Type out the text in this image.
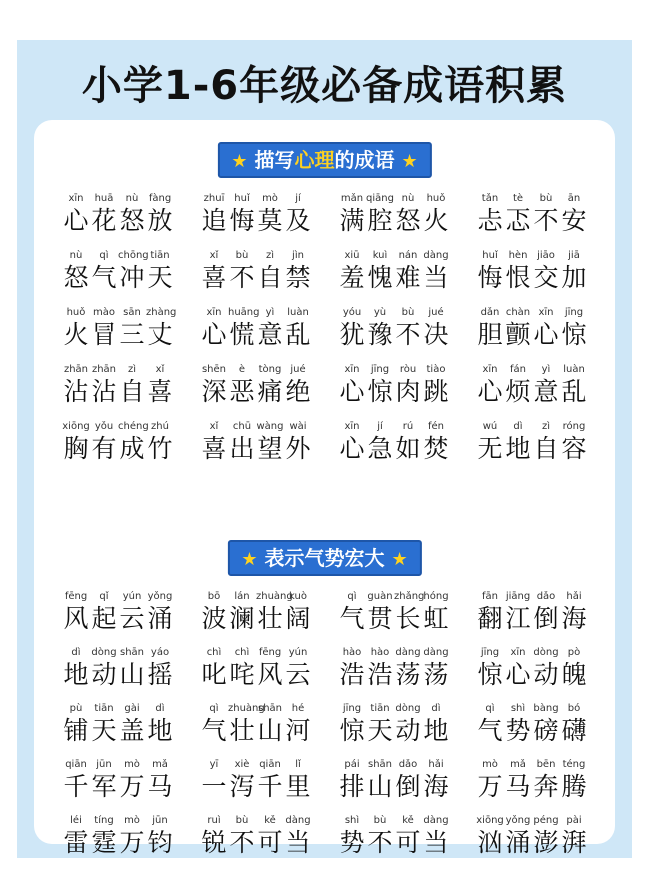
小学1-6年级必备成语积累
★ 描写心理的成语 ★
xīn
心
huā
花
nù
怒
fàng
放
zhuī
追
huǐ
悔
mò
莫
jí
及
mǎn
满
qiāng
腔
nù
怒
huǒ
火
tǎn
忐
tè
忑
bù
不
ān
安
nù
怒
qì
气
chōng
冲
tiān
天
xǐ
喜
bù
不
zì
自
jìn
禁
xiū
羞
kuì
愧
nán
难
dàng
当
huǐ
悔
hèn
恨
jiāo
交
jiā
加
huǒ
火
mào
冒
sān
三
zhàng
丈
xīn
心
huāng
慌
yì
意
luàn
乱
yóu
犹
yù
豫
bù
不
jué
决
dǎn
胆
chàn
颤
xīn
心
jīng
惊
zhān
沾
zhān
沾
zì
自
xǐ
喜
shēn
深
è
恶
tòng
痛
jué
绝
xīn
心
jīng
惊
ròu
肉
tiào
跳
xīn
心
fán
烦
yì
意
luàn
乱
xiōng
胸
yǒu
有
chéng
成
zhú
竹
xǐ
喜
chū
出
wàng
望
wài
外
xīn
心
jí
急
rú
如
fén
焚
wú
无
dì
地
zì
自
róng
容
★ 表示气势宏大 ★
fēng
风
qǐ
起
yún
云
yǒng
涌
bō
波
lán
澜
zhuàng
壮
kuò
阔
qì
气
guàn
贯
zhǎng
长
hóng
虹
fān
翻
jiāng
江
dǎo
倒
hǎi
海
dì
地
dòng
动
shān
山
yáo
摇
chì
叱
chì
咤
fēng
风
yún
云
hào
浩
hào
浩
dàng
荡
dàng
荡
jīng
惊
xīn
心
dòng
动
pò
魄
pù
铺
tiān
天
gài
盖
dì
地
qì
气
zhuàng
壮
shān
山
hé
河
jīng
惊
tiān
天
dòng
动
dì
地
qì
气
shì
势
bàng
磅
bó
礴
qiān
千
jūn
军
mò
万
mǎ
马
yī
一
xiè
泻
qiān
千
lǐ
里
pái
排
shān
山
dǎo
倒
hǎi
海
mò
万
mǎ
马
bēn
奔
téng
腾
léi
雷
tíng
霆
mò
万
jūn
钧
ruì
锐
bù
不
kě
可
dàng
当
shì
势
bù
不
kě
可
dàng
当
xiōng
汹
yǒng
涌
péng
澎
pài
湃
